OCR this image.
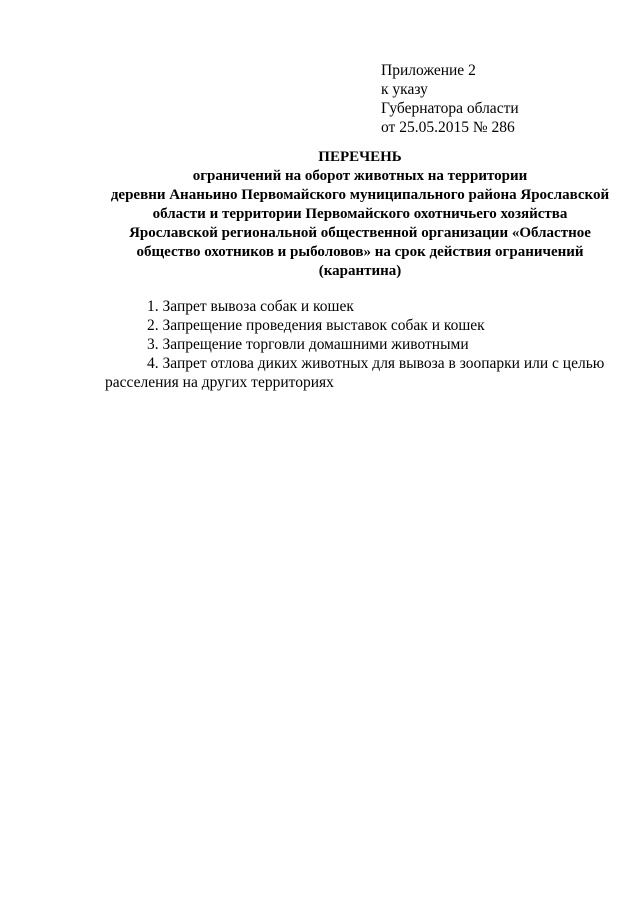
Приложение 2
к указу
Губернатора области
от 25.05.2015 № 286
ПЕРЕЧЕНЬ
ограничений на оборот животных на территории
деревни Ананьино Первомайского муниципального района Ярославской
области и территории Первомайского охотничьего хозяйства
Ярославской региональной общественной организации «Областное
общество охотников и рыболовов» на срок действия ограничений
(карантина)
1. Запрет вывоза собак и кошек
2. Запрещение проведения выставок собак и кошек
3. Запрещение торговли домашними животными
4. Запрет отлова диких животных для вывоза в зоопарки или с целью
расселения на других территориях
